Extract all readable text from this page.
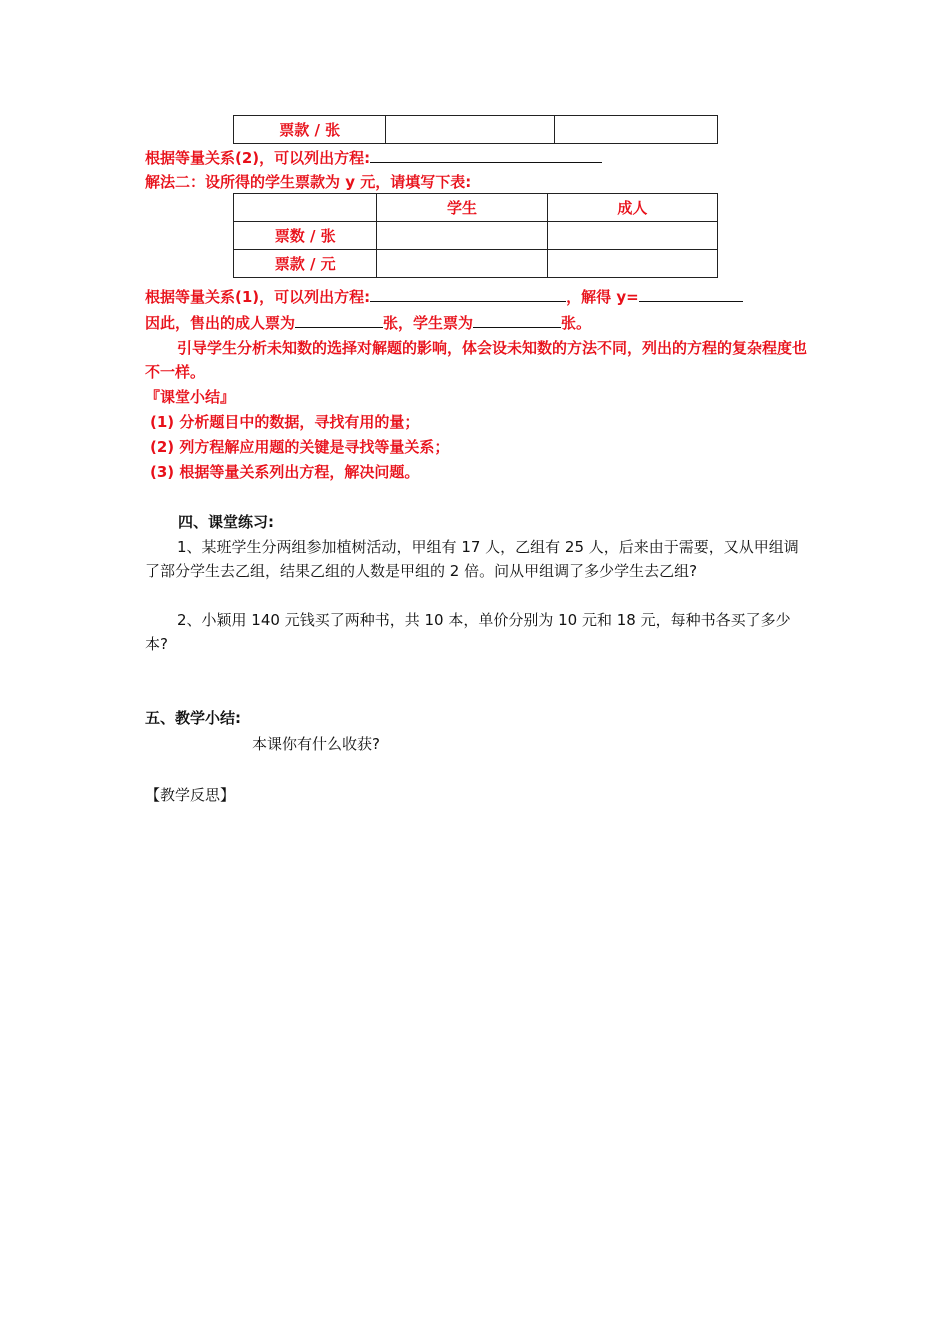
票款 / 张		
根据等量关系(2)，可以列出方程:
解法二：设所得的学生票款为 y 元，请填写下表:
	学生	成人
票数 / 张		
票款 / 元		
根据等量关系(1)，可以列出方程:	，解得 y=
因此，售出的成人票为	张，学生票为	张。
引导学生分析未知数的选择对解题的影响，体会设未知数的方法不同，列出的方程的复杂程度也不一样。
『课堂小结』
(1) 分析题目中的数据，寻找有用的量；
(2) 列方程解应用题的关键是寻找等量关系；
(3) 根据等量关系列出方程，解决问题。
四、课堂练习:
1、某班学生分两组参加植树活动，甲组有 17 人，乙组有 25 人，后来由于需要，又从甲组调了部分学生去乙组，结果乙组的人数是甲组的 2 倍。问从甲组调了多少学生去乙组?
2、小颖用 140 元钱买了两种书，共 10 本，单价分别为 10 元和 18 元，每种书各买了多少本?
五、教学小结:
本课你有什么收获?
【教学反思】
